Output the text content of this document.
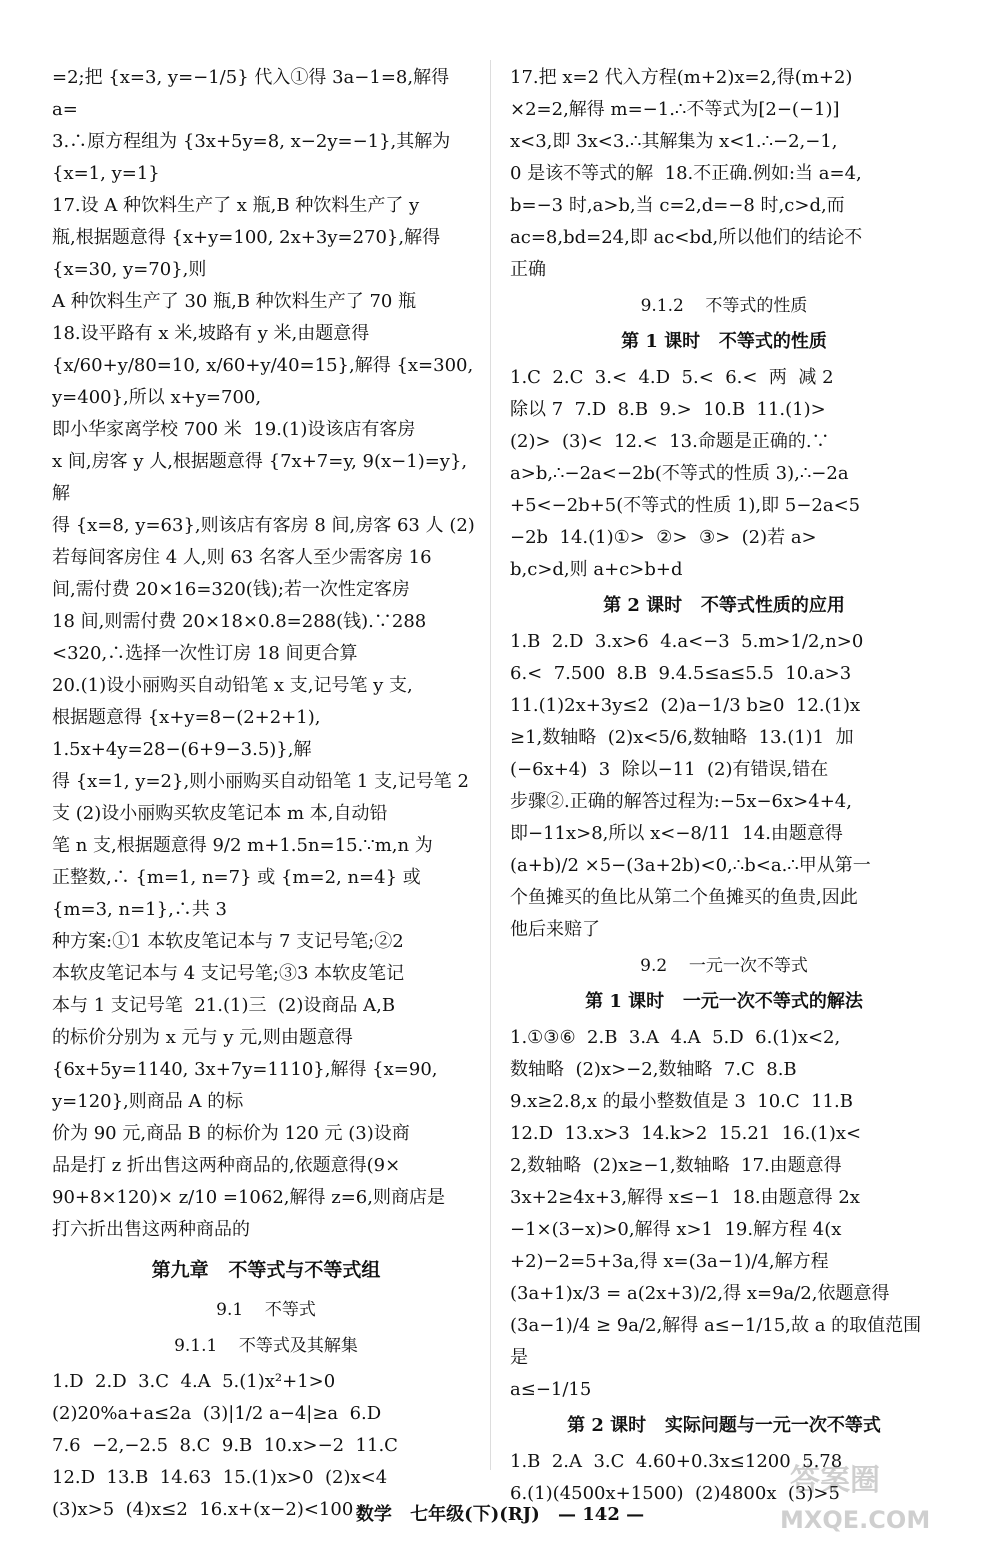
=2;把 {x=3, y=−1/5} 代入①得 3a−1=8,解得 a=

3.∴原方程组为 {3x+5y=8, x−2y=−1},其解为 {x=1, y=1}

17.设 A 种饮料生产了 x 瓶,B 种饮料生产了 y

瓶,根据题意得 {x+y=100, 2x+3y=270},解得 {x=30, y=70},则

A 种饮料生产了 30 瓶,B 种饮料生产了 70 瓶

18.设平路有 x 米,坡路有 y 米,由题意得

{x/60+y/80=10, x/60+y/40=15},解得 {x=300, y=400},所以 x+y=700,

即小华家离学校 700 米  19.(1)设该店有客房

x 间,房客 y 人,根据题意得 {7x+7=y, 9(x−1)=y},解

得 {x=8, y=63},则该店有客房 8 间,房客 63 人 (2)

若每间客房住 4 人,则 63 名客人至少需客房 16

间,需付费 20×16=320(钱);若一次性定客房

18 间,则需付费 20×18×0.8=288(钱).∵288

<320,∴选择一次性订房 18 间更合算

20.(1)设小丽购买自动铅笔 x 支,记号笔 y 支,

根据题意得 {x+y=8−(2+2+1), 1.5x+4y=28−(6+9−3.5)},解

得 {x=1, y=2},则小丽购买自动铅笔 1 支,记号笔 2

支 (2)设小丽购买软皮笔记本 m 本,自动铅

笔 n 支,根据题意得 9/2 m+1.5n=15.∵m,n 为

正整数,∴ {m=1, n=7} 或 {m=2, n=4} 或 {m=3, n=1},∴共 3

种方案:①1 本软皮笔记本与 7 支记号笔;②2

本软皮笔记本与 4 支记号笔;③3 本软皮笔记

本与 1 支记号笔  21.(1)三  (2)设商品 A,B

的标价分别为 x 元与 y 元,则由题意得

{6x+5y=1140, 3x+7y=1110},解得 {x=90, y=120},则商品 A 的标

价为 90 元,商品 B 的标价为 120 元 (3)设商

品是打 z 折出售这两种商品的,依题意得(9×

90+8×120)× z/10 =1062,解得 z=6,则商店是

打六折出售这两种商品的

第九章   不等式与不等式组

9.1    不等式

9.1.1    不等式及其解集

1.D  2.D  3.C  4.A  5.(1)x²+1>0

(2)20%a+a≤2a  (3)|1/2 a−4|≥a  6.D

7.6  −2,−2.5  8.C  9.B  10.x>−2  11.C

12.D  13.B  14.63  15.(1)x>0  (2)x<4

(3)x>5  (4)x≤2  16.x+(x−2)<100

17.把 x=2 代入方程(m+2)x=2,得(m+2)

×2=2,解得 m=−1.∴不等式为[2−(−1)]

x<3,即 3x<3.∴其解集为 x<1.∴−2,−1,

0 是该不等式的解  18.不正确.例如:当 a=4,

b=−3 时,a>b,当 c=2,d=−8 时,c>d,而

ac=8,bd=24,即 ac<bd,所以他们的结论不

正确

9.1.2    不等式的性质

第 1 课时   不等式的性质

1.C  2.C  3.<  4.D  5.<  6.<  两  减 2

除以 7  7.D  8.B  9.>  10.B  11.(1)>

(2)>  (3)<  12.<  13.命题是正确的.∵

a>b,∴−2a<−2b(不等式的性质 3),∴−2a

+5<−2b+5(不等式的性质 1),即 5−2a<5

−2b  14.(1)①>  ②>  ③>  (2)若 a>

b,c>d,则 a+c>b+d

第 2 课时   不等式性质的应用

1.B  2.D  3.x>6  4.a<−3  5.m>1/2,n>0

6.<  7.500  8.B  9.4.5≤a≤5.5  10.a>3

11.(1)2x+3y≤2  (2)a−1/3 b≥0  12.(1)x

≥1,数轴略  (2)x<5/6,数轴略  13.(1)1  加

(−6x+4)  3  除以−11  (2)有错误,错在

步骤②.正确的解答过程为:−5x−6x>4+4,

即−11x>8,所以 x<−8/11  14.由题意得

(a+b)/2 ×5−(3a+2b)<0,∴b<a.∴甲从第一

个鱼摊买的鱼比从第二个鱼摊买的鱼贵,因此

他后来赔了

9.2    一元一次不等式

第 1 课时   一元一次不等式的解法

1.①③⑥  2.B  3.A  4.A  5.D  6.(1)x<2,

数轴略  (2)x>−2,数轴略  7.C  8.B

9.x≥2.8,x 的最小整数值是 3  10.C  11.B

12.D  13.x>3  14.k>2  15.21  16.(1)x<

2,数轴略  (2)x≥−1,数轴略  17.由题意得

3x+2≥4x+3,解得 x≤−1  18.由题意得 2x

−1×(3−x)>0,解得 x>1  19.解方程 4(x

+2)−2=5+3a,得 x=(3a−1)/4,解方程

(3a+1)x/3 = a(2x+3)/2,得 x=9a/2,依题意得

(3a−1)/4 ≥ 9a/2,解得 a≤−1/15,故 a 的取值范围是

a≤−1/15

第 2 课时   实际问题与一元一次不等式

1.B  2.A  3.C  4.60+0.3x≤1200  5.78

6.(1)(4500x+1500)  (2)4800x  (3)>5

数学 七年级(下)(RJ) — 142 —
答案圈
MXQE.COM
